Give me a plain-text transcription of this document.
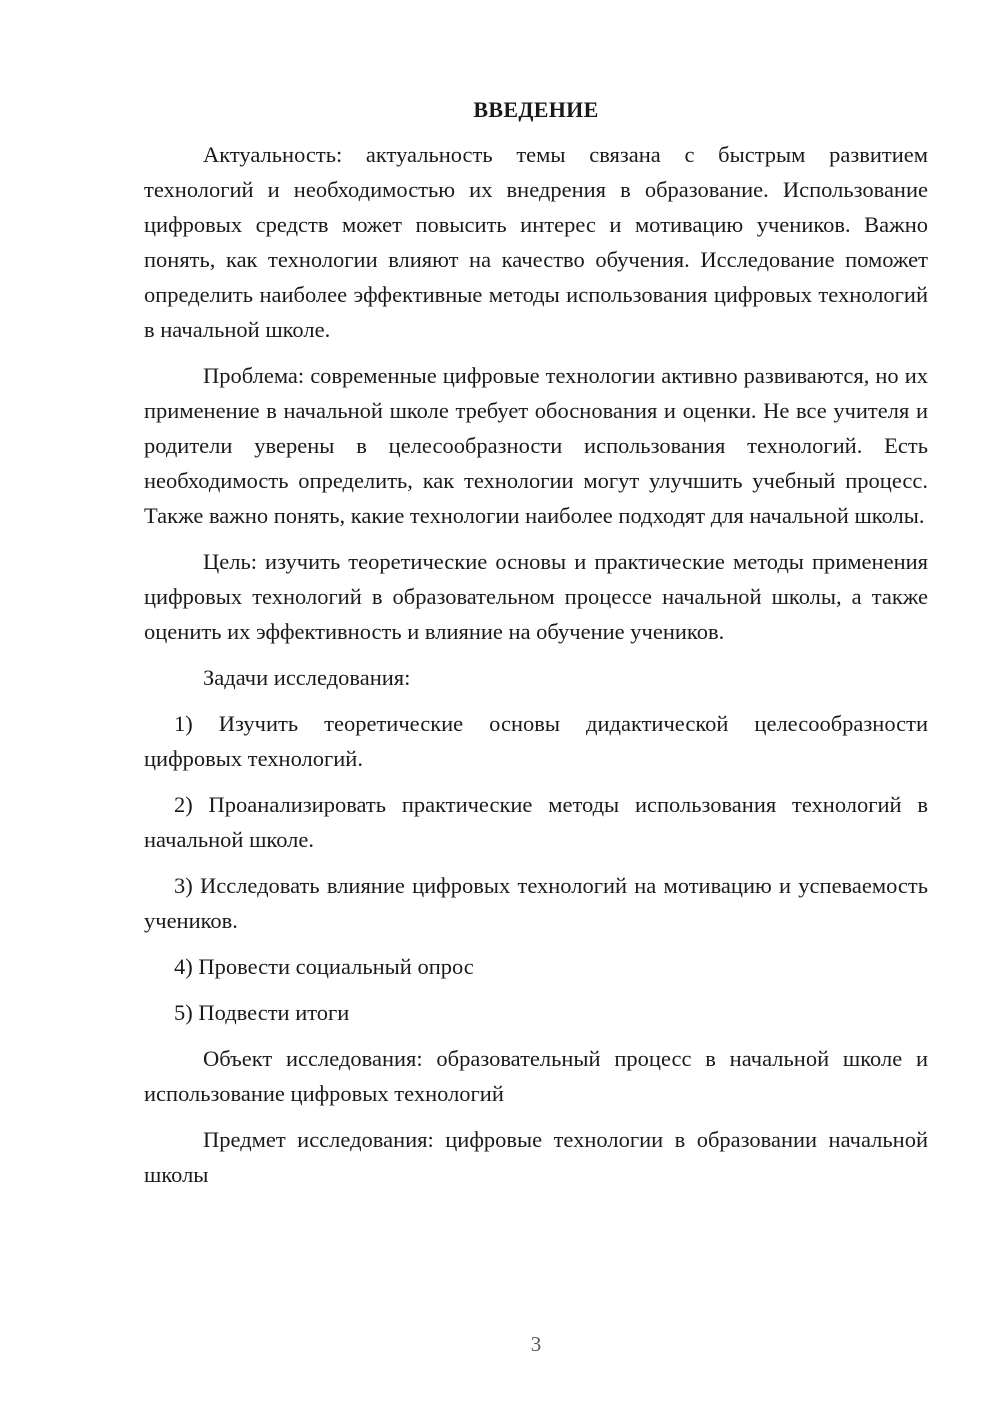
ВВЕДЕНИЕ

Актуальность: актуальность темы связана с быстрым развитием технологий и необходимостью их внедрения в образование. Использование цифровых средств может повысить интерес и мотивацию учеников. Важно понять, как технологии влияют на качество обучения. Исследование поможет определить наиболее эффективные методы использования цифровых технологий в начальной школе.

Проблема: современные цифровые технологии активно развиваются, но их применение в начальной школе требует обоснования и оценки. Не все учителя и родители уверены в целесообразности использования технологий. Есть необходимость определить, как технологии могут улучшить учебный процесс. Также важно понять, какие технологии наиболее подходят для начальной школы.

Цель: изучить теоретические основы и практические методы применения цифровых технологий в образовательном процессе начальной школы, а также оценить их эффективность и влияние на обучение учеников.

Задачи исследования:

1) Изучить теоретические основы дидактической целесообразности цифровых технологий.

2) Проанализировать практические методы использования технологий в начальной школе.

3) Исследовать влияние цифровых технологий на мотивацию и успеваемость учеников.

4) Провести социальный опрос

5) Подвести итоги

Объект исследования: образовательный процесс в начальной школе и использование цифровых технологий

Предмет исследования: цифровые технологии в образовании начальной школы

3
